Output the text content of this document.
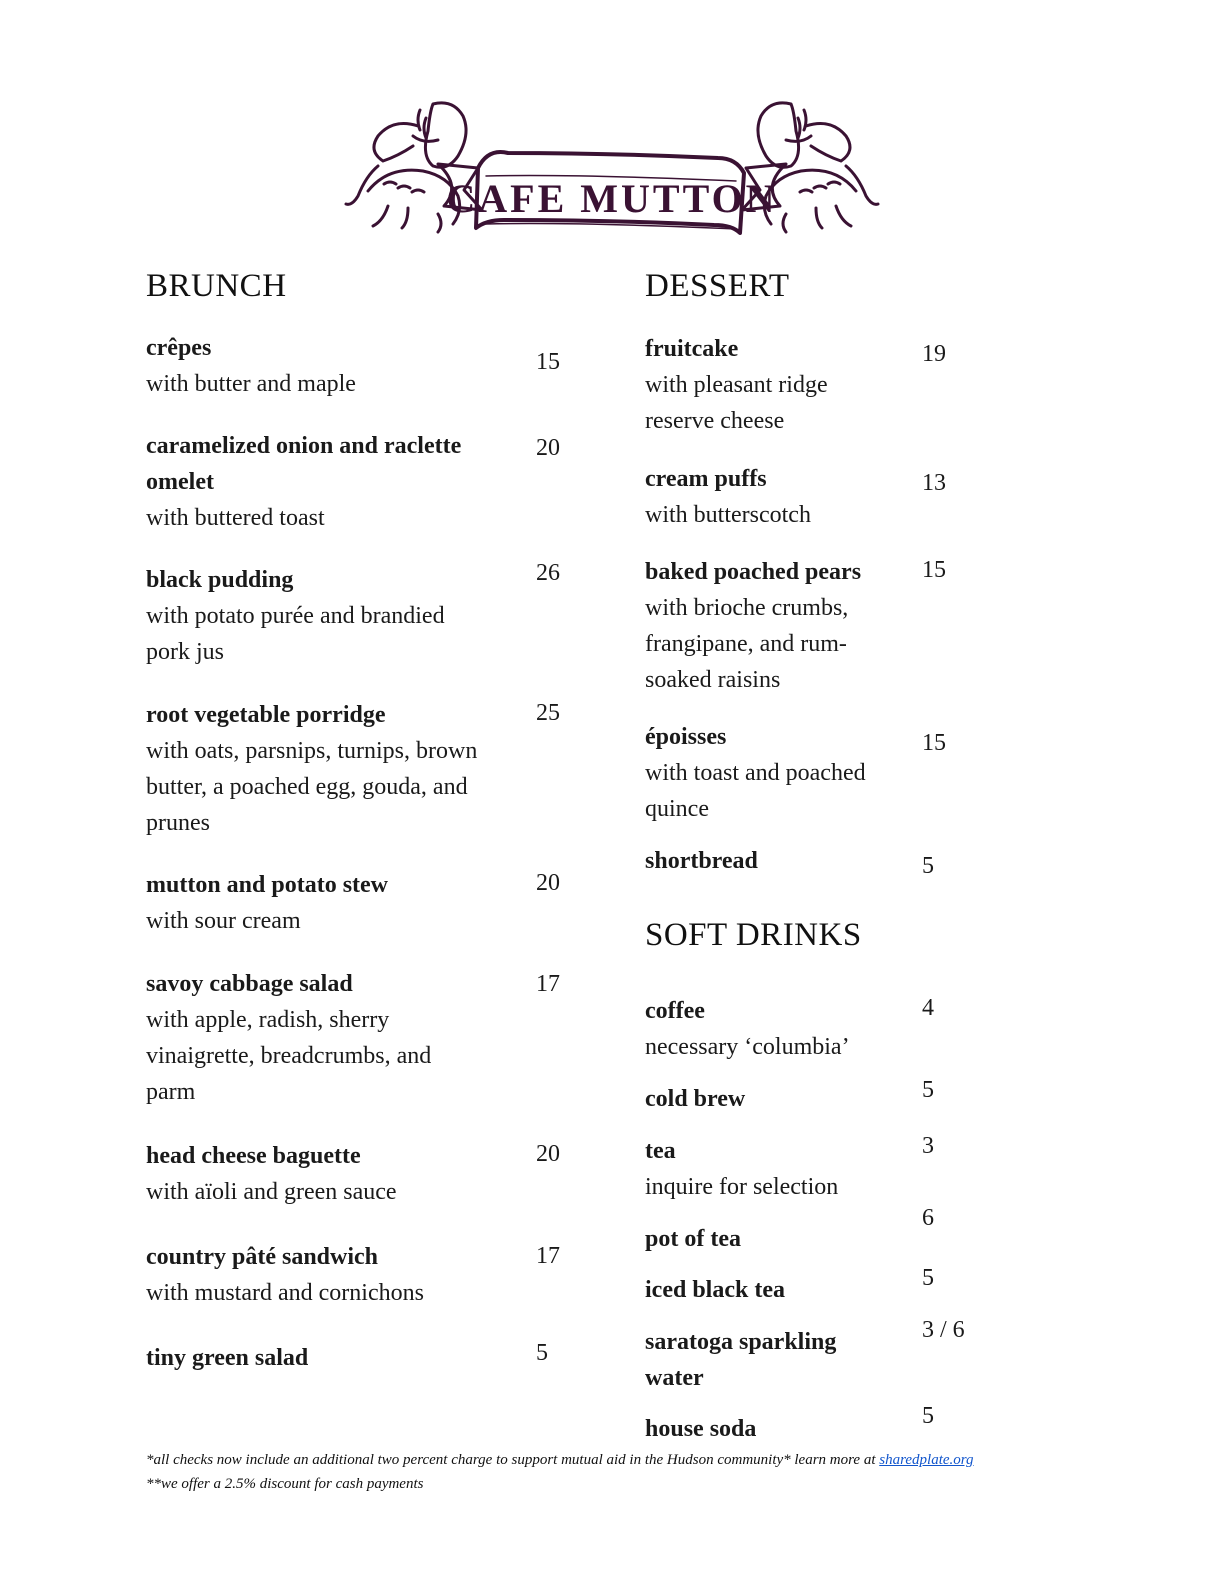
CAFE MUTTON
BRUNCH
crêpes
with butter and maple
15
caramelized onion and raclette omelet
with buttered toast
20
black pudding
with potato purée and brandied pork jus
26
root vegetable porridge
with oats, parsnips, turnips, brown butter, a poached egg, gouda, and prunes
25
mutton and potato stew
with sour cream
20
savoy cabbage salad
with apple, radish, sherry vinaigrette, breadcrumbs, and parm
17
head cheese baguette
with aïoli and green sauce
20
country pâté sandwich
with mustard and cornichons
17
tiny green salad	5
DESSERT
fruitcake
with pleasant ridge reserve cheese
19
cream puffs
with butterscotch
13
baked poached pears
with brioche crumbs, frangipane, and rum-soaked raisins
15
époisses
with toast and poached quince
15
shortbread	5
SOFT DRINKS
coffee
necessary ‘columbia’
4
cold brew	5
tea
inquire for selection
3
pot of tea
6
iced black tea	5
saratoga sparkling water
3 / 6
house soda	5
*all checks now include an additional two percent charge to support mutual aid in the Hudson community* learn more at sharedplate.org
**we offer a 2.5% discount for cash payments
